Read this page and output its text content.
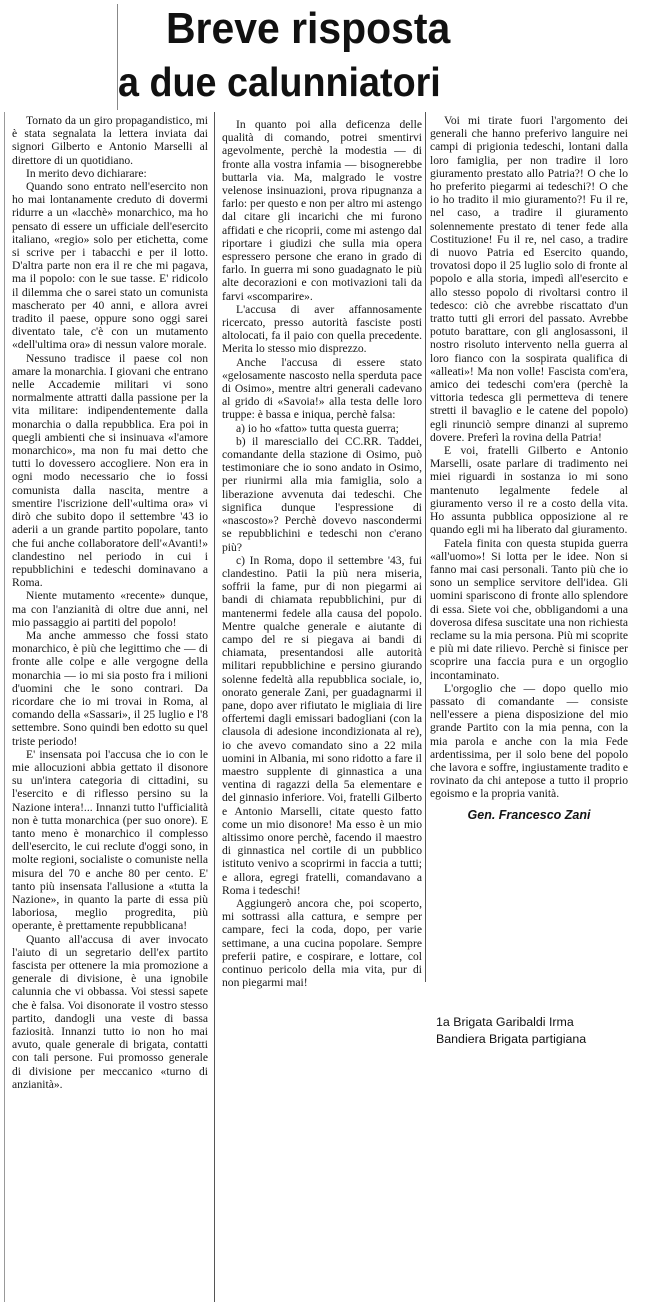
Breve risposta
a due calunniatori

Tornato da un giro propagandistico, mi è stata segnalata la lettera inviata dai signori Gilberto e Antonio Marselli al direttore di un quotidiano.

In merito devo dichiarare:

Quando sono entrato nell'esercito non ho mai lontanamente creduto di dovermi ridurre a un «lacchè» monarchico, ma ho pensato di essere un ufficiale dell'esercito italiano, «regio» solo per etichetta, come si scrive per i tabacchi e per il lotto. D'altra parte non era il re che mi pagava, ma il popolo: con le sue tasse. E' ridicolo il dilemma che o sarei stato un comunista mascherato per 40 anni, e allora avrei tradito il paese, oppure sono oggi sarei diventato tale, c'è con un mutamento «dell'ultima ora» di nessun valore morale.

Nessuno tradisce il paese col non amare la monarchia. I giovani che entrano nelle Accademie militari vi sono normalmente attratti dalla passione per la vita militare: indipendentemente dalla monarchia o dalla repubblica. Era poi in quegli ambienti che si insinuava «l'amore monarchico», ma non fu mai detto che tutti lo dovessero accogliere. Non era in ogni modo necessario che io fossi comunista dalla nascita, mentre a smentire l'iscrizione dell'«ultima ora» vi dirò che subito dopo il settembre '43 io aderii a un grande partito popolare, tanto che fui anche collaboratore dell'«Avanti!» clandestino nel periodo in cui i repubblichini e tedeschi dominavano a Roma.

Niente mutamento «recente» dunque, ma con l'anzianità di oltre due anni, nel mio passaggio ai partiti del popolo!

Ma anche ammesso che fossi stato monarchico, è più che legittimo che — di fronte alle colpe e alle vergogne della monarchia — io mi sia posto fra i milioni d'uomini che le sono contrari. Da ricordare che io mi trovai in Roma, al comando della «Sassari», il 25 luglio e l'8 settembre. Sono quindi ben edotto su quel triste periodo!

E' insensata poi l'accusa che io con le mie allocuzioni abbia gettato il disonore su un'intera categoria di cittadini, su l'esercito e di riflesso persino su la Nazione intera!... Innanzi tutto l'ufficialità non è tutta monarchica (per suo onore). E tanto meno è monarchico il complesso dell'esercito, le cui reclute d'oggi sono, in molte regioni, socialiste o comuniste nella misura del 70 e anche 80 per cento. E' tanto più insensata l'allusione a «tutta la Nazione», in quanto la parte di essa più laboriosa, meglio progredita, più operante, è prettamente repubblicana!

Quanto all'accusa di aver invocato l'aiuto di un segretario dell'ex partito fascista per ottenere la mia promozione a generale di divisione, è una ignobile calunnia che vi obbassa. Voi stessi sapete che è falsa. Voi disonorate il vostro stesso partito, dandogli una veste di bassa faziosità. Innanzi tutto io non ho mai avuto, quale generale di brigata, contatti con tali persone. Fui promosso generale di divisione per meccanico «turno di anzianità».

In quanto poi alla deficenza delle qualità di comando, potrei smentirvi agevolmente, perchè la modestia — di fronte alla vostra infamia — bisognerebbe buttarla via. Ma, malgrado le vostre velenose insinuazioni, prova ripugnanza a farlo: per questo e non per altro mi astengo dal citare gli incarichi che mi furono affidati e che ricoprii, come mi astengo dal riportare i giudizi che sulla mia opera espressero persone che erano in grado di farlo. In guerra mi sono guadagnato le più alte decorazioni e con motivazioni tali da farvi «scomparire».

L'accusa di aver affannosamente ricercato, presso autorità fasciste posti altolocati, fa il paio con quella precedente. Merita lo stesso mio disprezzo.

Anche l'accusa di essere stato «gelosamente nascosto nella sperduta pace di Osimo», mentre altri generali cadevano al grido di «Savoia!» alla testa delle loro truppe: è bassa e iniqua, perchè falsa:

a) io ho «fatto» tutta questa guerra;

b) il maresciallo dei CC.RR. Taddei, comandante della stazione di Osimo, può testimoniare che io sono andato in Osimo, per riunirmi alla mia famiglia, solo a liberazione avvenuta dai tedeschi. Che significa dunque l'espressione di «nascosto»? Perchè dovevo nascondermi se repubblichini e tedeschi non c'erano più?

c) In Roma, dopo il settembre '43, fui clandestino. Patii la più nera miseria, soffrii la fame, pur di non piegarmi ai bandi di chiamata repubblichini, pur di mantenermi fedele alla causa del popolo. Mentre qualche generale e aiutante di campo del re si piegava ai bandi di chiamata, presentandosi alle autorità militari repubblichine e persino giurando solenne fedeltà alla repubblica sociale, io, onorato generale Zani, per guadagnarmi il pane, dopo aver rifiutato le migliaia di lire offertemi dagli emissari badogliani (con la clausola di adesione incondizionata al re), io che avevo comandato sino a 22 mila uomini in Albania, mi sono ridotto a fare il maestro supplente di ginnastica a una ventina di ragazzi della 5a elementare e del ginnasio inferiore. Voi, fratelli Gilberto e Antonio Marselli, citate questo fatto come un mio disonore! Ma esso è un mio altissimo onore perchè, facendo il maestro di ginnastica nel cortile di un pubblico istituto venivo a scoprirmi in faccia a tutti; e allora, egregi fratelli, comandavano a Roma i tedeschi!

Aggiungerò ancora che, poi scoperto, mi sottrassi alla cattura, e sempre per campare, feci la coda, dopo, per varie settimane, a una cucina popolare. Sempre preferii patire, e cospirare, e lottare, col continuo pericolo della mia vita, pur di non piegarmi mai!

Voi mi tirate fuori l'argomento dei generali che hanno preferivo languire nei campi di prigionia tedeschi, lontani dalla loro famiglia, per non tradire il loro giuramento prestato allo Patria?! O che lo ho preferito piegarmi ai tedeschi?! O che io ho tradito il mio giuramento?! Fu il re, nel caso, a tradire il giuramento solennemente prestato di tener fede alla Costituzione! Fu il re, nel caso, a tradire di nuovo Patria ed Esercito quando, trovatosi dopo il 25 luglio solo di fronte al popolo e alla storia, impedì all'esercito e allo stesso popolo di rivoltarsi contro il tedesco: ciò che avrebbe riscattato d'un tratto tutti gli errori del passato. Avrebbe potuto barattare, con gli anglosassoni, il nostro risoluto intervento nella guerra al loro fianco con la sospirata qualifica di «alleati»! Ma non volle! Fascista com'era, amico dei tedeschi com'era (perchè la vittoria tedesca gli permetteva di tenere stretti il bavaglio e le catene del popolo) egli rinunciò sempre dinanzi al supremo dovere. Preferì la rovina della Patria!

E voi, fratelli Gilberto e Antonio Marselli, osate parlare di tradimento nei miei riguardi in sostanza io mi sono mantenuto legalmente fedele al giuramento verso il re a costo della vita. Ho assunta pubblica opposizione al re quando egli mi ha liberato dal giuramento.

Fatela finita con questa stupida guerra «all'uomo»! Si lotta per le idee. Non si fanno mai casi personali. Tanto più che io sono un semplice servitore dell'idea. Gli uomini spariscono di fronte allo splendore di essa. Siete voi che, obbligandomi a una doverosa difesa suscitate una non richiesta reclame su la mia persona. Più mi scoprite e più mi date rilievo. Perchè si finisce per scoprire una faccia pura e un orgoglio incontaminato.

L'orgoglio che — dopo quello mio passato di comandante — consiste nell'essere a piena disposizione del mio grande Partito con la mia penna, con la mia parola e anche con la mia Fede ardentissima, per il solo bene del popolo che lavora e soffre, ingiustamente tradito e rovinato da chi antepose a tutto il proprio egoismo e la propria vanità.

Gen. Francesco Zani

1a Brigata Garibaldi Irma
Bandiera Brigata partigiana
